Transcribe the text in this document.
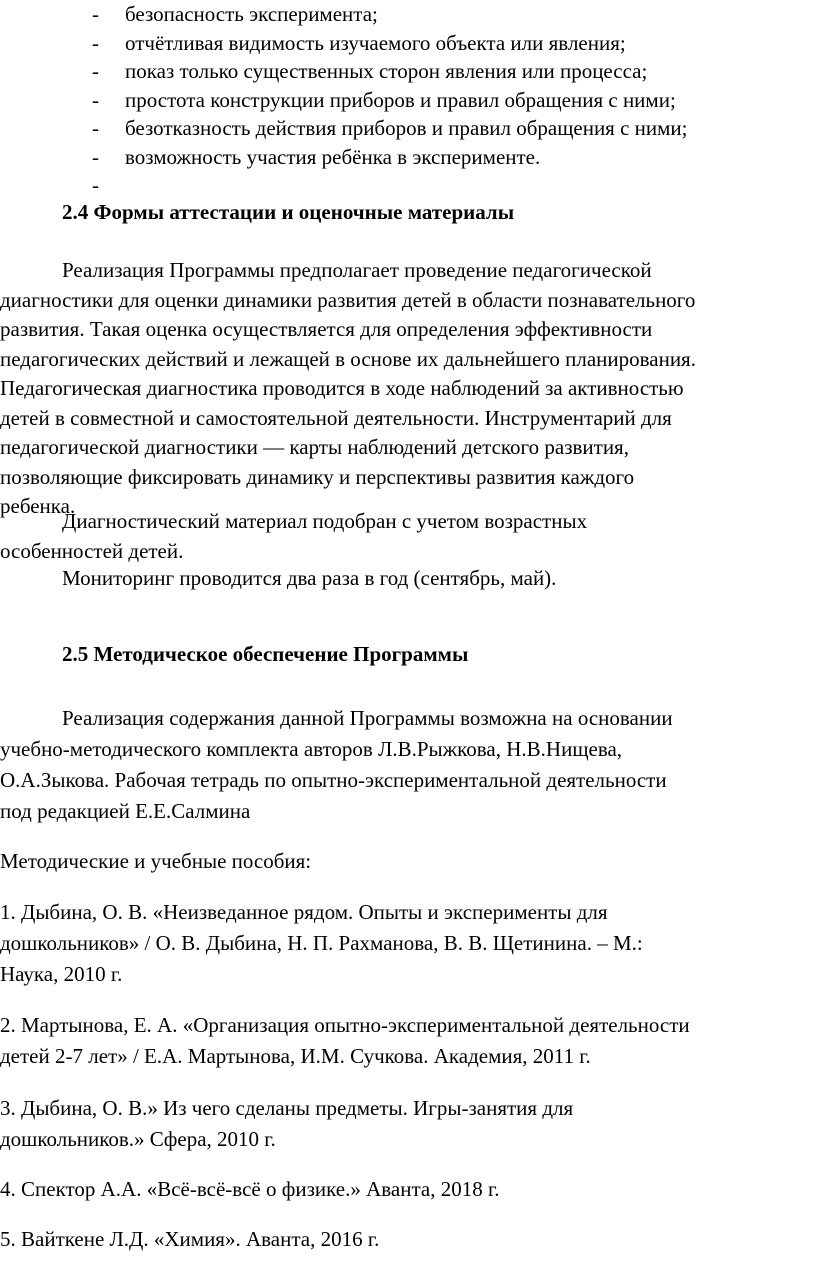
- безопасность эксперимента;
- отчётливая видимость изучаемого объекта или явления;
- показ только существенных сторон явления или процесса;
- простота конструкции приборов и правил обращения с ними;
- безотказность действия приборов и правил обращения с ними;
- возможность участия ребёнка в эксперименте.
-
2.4 Формы аттестации и оценочные материалы
Реализация Программы предполагает проведение педагогической
диагностики для оценки динамики развития детей в области познавательного
развития. Такая оценка осуществляется для определения эффективности
педагогических действий и лежащей в основе их дальнейшего планирования.
Педагогическая диагностика проводится в ходе наблюдений за активностью
детей в совместной и самостоятельной деятельности. Инструментарий для
педагогической диагностики — карты наблюдений детского развития,
позволяющие фиксировать динамику и перспективы развития каждого
ребенка.
Диагностический материал подобран с учетом возрастных
особенностей детей.
Мониторинг проводится два раза в год (сентябрь, май).
2.5 Методическое обеспечение Программы
Реализация содержания данной Программы возможна на основании
учебно-методического комплекта авторов Л.В.Рыжкова, Н.В.Нищева,
О.А.Зыкова. Рабочая тетрадь по опытно-экспериментальной деятельности
под редакцией Е.Е.Салмина
Методические и учебные пособия:
1. Дыбина, О. В. «Неизведанное рядом. Опыты и эксперименты для
дошкольников» / О. В. Дыбина, Н. П. Рахманова, В. В. Щетинина. – М.:
Наука, 2010 г.
2. Мартынова, Е. А. «Организация опытно-экспериментальной деятельности
детей 2-7 лет» / Е.А. Мартынова, И.М. Сучкова. Академия, 2011 г.
3. Дыбина, О. В.» Из чего сделаны предметы. Игры-занятия для
дошкольников.» Сфера, 2010 г.
4. Спектор А.А. «Всё-всё-всё о физике.» Аванта, 2018 г.
5. Вайткене Л.Д. «Химия». Аванта, 2016 г.
